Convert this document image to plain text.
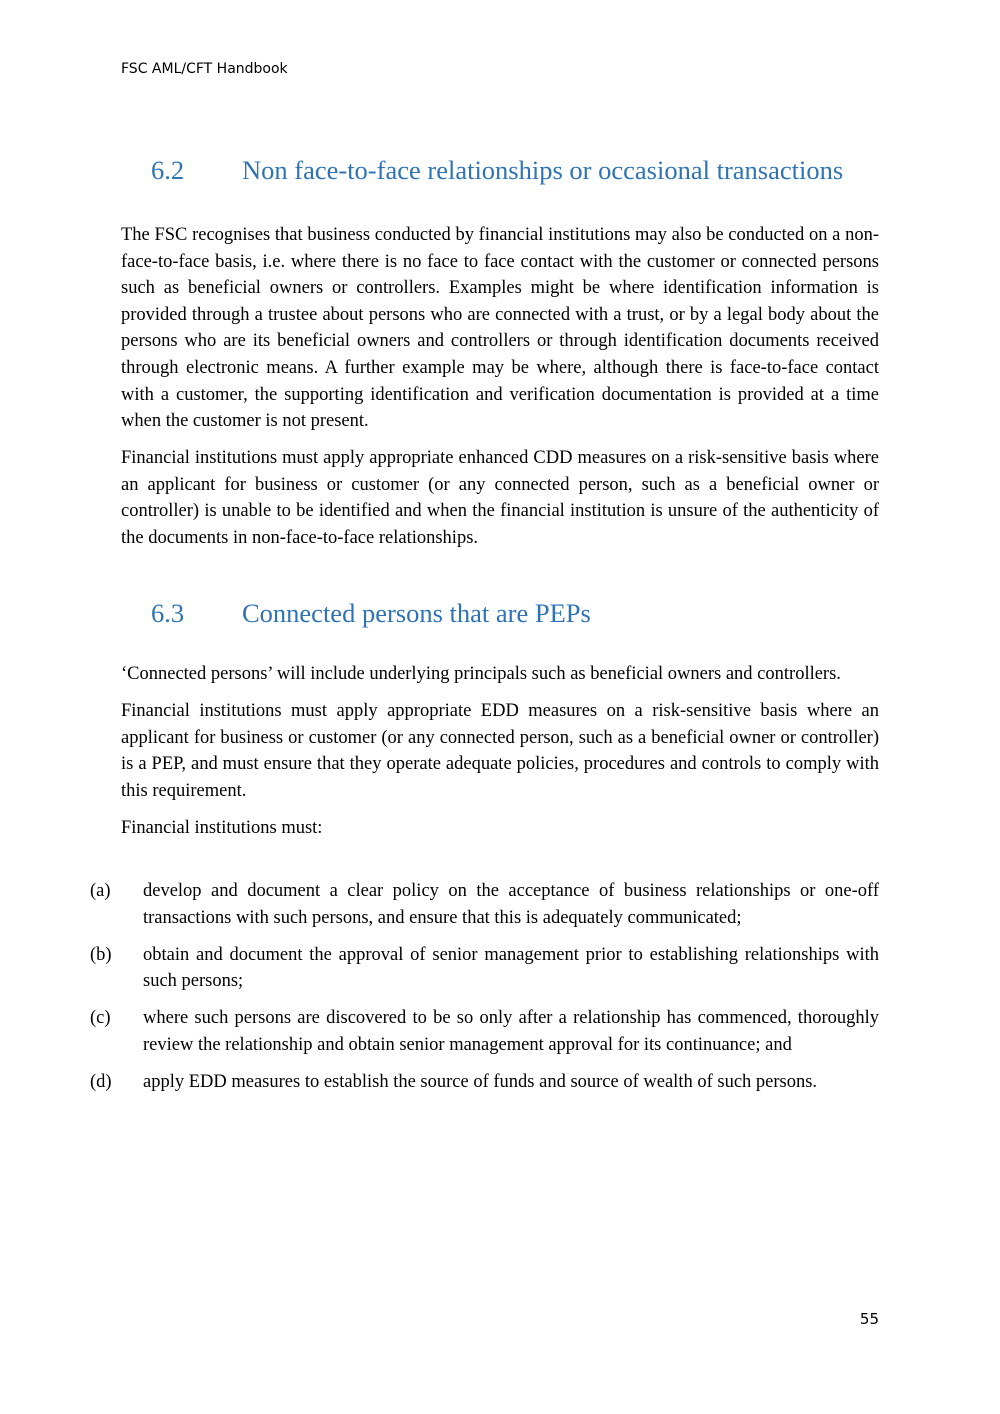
FSC AML/CFT Handbook
6.2	Non face-to-face relationships or occasional transactions

The FSC recognises that business conducted by financial institutions may also be conducted on a non- face-to-face basis, i.e. where there is no face to face contact with the customer or connected persons such as beneficial owners or controllers. Examples might be where identification information is provided through a trustee about persons who are connected with a trust, or by a legal body about the persons who are its beneficial owners and controllers or through identification documents received through electronic means. A further example may be where, although there is face-to-face contact with a customer, the supporting identification and verification documentation is provided at a time when the customer is not present.

Financial institutions must apply appropriate enhanced CDD measures on a risk-sensitive basis where an applicant for business or customer (or any connected person, such as a beneficial owner or controller) is unable to be identified and when the financial institution is unsure of the authenticity of the documents in non-face-to-face relationships.

6.3	Connected persons that are PEPs

‘Connected persons’ will include underlying principals such as beneficial owners and controllers.

Financial institutions must apply appropriate EDD measures on a risk-sensitive basis where an applicant for business or customer (or any connected person, such as a beneficial owner or controller) is a PEP, and must ensure that they operate adequate policies, procedures and controls to comply with this requirement.

Financial institutions must:

(a)	develop and document a clear policy on the acceptance of business relationships or one-off transactions with such persons, and ensure that this is adequately communicated;
(b)	obtain and document the approval of senior management prior to establishing relationships with such persons;
(c)	where such persons are discovered to be so only after a relationship has commenced, thoroughly review the relationship and obtain senior management approval for its continuance; and
(d)	apply EDD measures to establish the source of funds and source of wealth of such persons.
55
